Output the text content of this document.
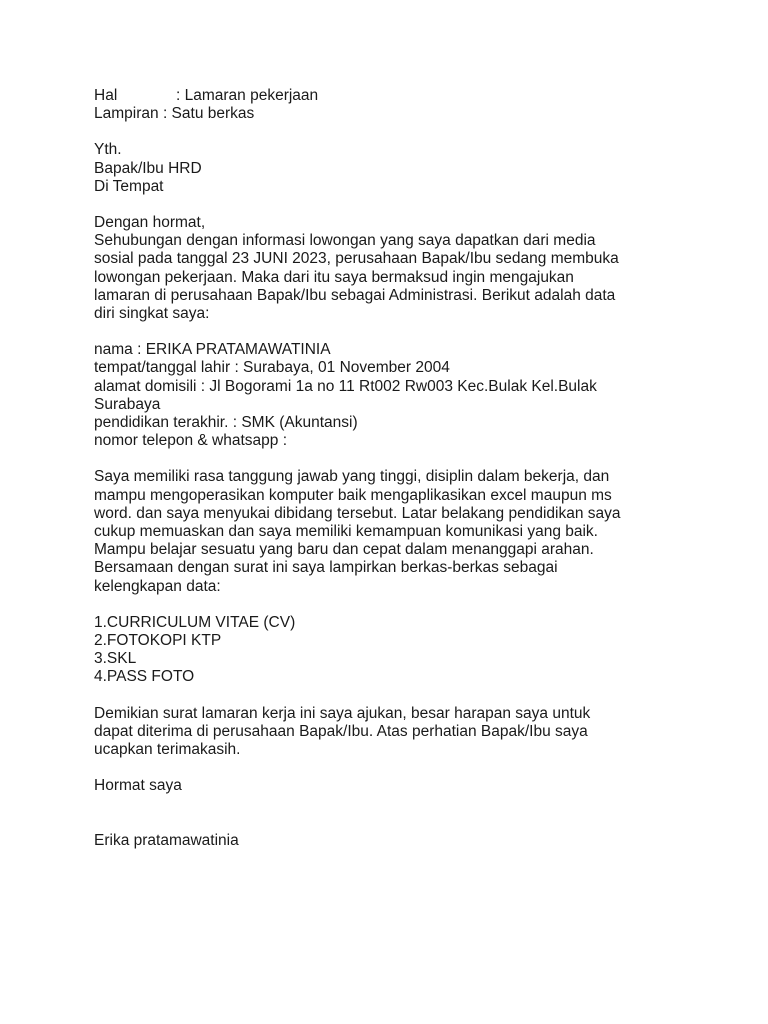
Hal	: Lamaran pekerjaan
Lampiran : Satu berkas
Yth.
Bapak/Ibu HRD
Di Tempat
Dengan hormat,
Sehubungan dengan informasi lowongan yang saya dapatkan dari media
sosial pada tanggal 23 JUNI 2023, perusahaan Bapak/Ibu sedang membuka
lowongan pekerjaan. Maka dari itu saya bermaksud ingin mengajukan
lamaran di perusahaan Bapak/Ibu sebagai Administrasi. Berikut adalah data
diri singkat saya:
nama : ERIKA PRATAMAWATINIA
tempat/tanggal lahir : Surabaya, 01 November 2004
alamat domisili : Jl Bogorami 1a no 11 Rt002 Rw003 Kec.Bulak Kel.Bulak
Surabaya
pendidikan terakhir. : SMK (Akuntansi)
nomor telepon & whatsapp :
Saya memiliki rasa tanggung jawab yang tinggi, disiplin dalam bekerja, dan
mampu mengoperasikan komputer baik mengaplikasikan excel maupun ms
word. dan saya menyukai dibidang tersebut. Latar belakang pendidikan saya
cukup memuaskan dan saya memiliki kemampuan komunikasi yang baik.
Mampu belajar sesuatu yang baru dan cepat dalam menanggapi arahan.
Bersamaan dengan surat ini saya lampirkan berkas-berkas sebagai
kelengkapan data:
1.CURRICULUM VITAE (CV)
2.FOTOKOPI KTP
3.SKL
4.PASS FOTO
Demikian surat lamaran kerja ini saya ajukan, besar harapan saya untuk
dapat diterima di perusahaan Bapak/Ibu. Atas perhatian Bapak/Ibu saya
ucapkan terimakasih.
Hormat saya
Erika pratamawatinia
